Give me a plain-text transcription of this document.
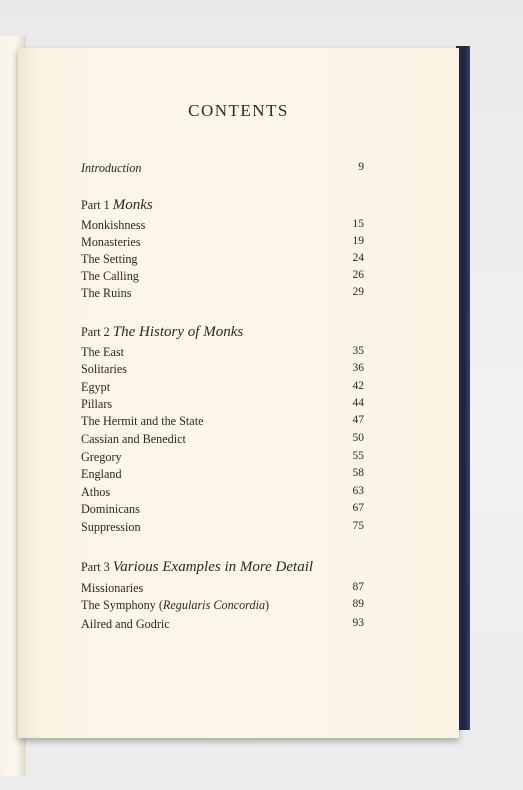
CONTENTS
Introduction	9
Part 1 Monks
Monkishness	15
Monasteries	19
The Setting	24
The Calling	26
The Ruins	29
Part 2 The History of Monks
The East	35
Solitaries	36
Egypt	42
Pillars	44
The Hermit and the State	47
Cassian and Benedict	50
Gregory	55
England	58
Athos	63
Dominicans	67
Suppression	75
Part 3 Various Examples in More Detail
Missionaries	87
The Symphony (Regularis Concordia)	89
Ailred and Godric	93
